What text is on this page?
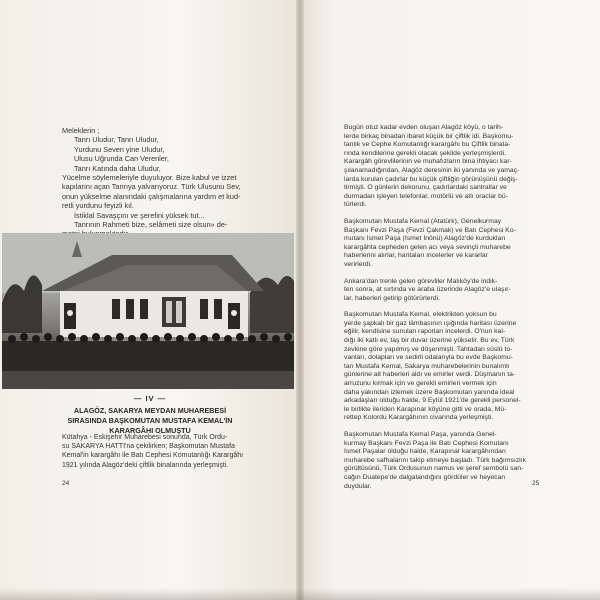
Meleklerin ;
Tanrı Uludur, Tanrı Uludur,
Yurdunu Seven yine Uludur,
Ulusu Uğrunda Can Verenler,
Tanrı Katında daha Uludur,
Yücelme söylemeleriyle duyuluyor. Bize kabul ve izzet
kapılarını açan Tanrıya yalvarıyoruz. Türk Ulusunu Sev,
onun yükselme alanındaki çalışmalarına yardım et kud-
retli yurdunu feyizli kıl.
İstiklal Savaşçını ve şerefini yüksek tut...
Tanrının Rahmeti bize, selâmeti size olsun» de-
— IV —
ALAGÖZ, SAKARYA MEYDAN MUHAREBESİ
SIRASINDA BAŞKOMUTAN MUSTAFA KEMAL'İN
KARARGÂHI OLMUŞTU
Kütahya - Eskişehir Muharebesi sonunda, Türk Ordu-
su SAKARYA HATTI'na çekilirken; Başkomutan Mustafa
Kemal'in karargâhı ile Batı Cephesi Komutanlığı Karargâhı
1921 yılında Alagöz'deki çiftlik binalarında yerleşmişti.
24
Bugün otuz kadar evden oluşan Alagöz köyü, o tarih-
lerde birkaç binadan ibaret küçük bir çiftlik idi. Başkomu-
tanlık ve Cephe Komutanlığı karargâhı bu Çiftlik binala-
rında kendilerine gerekli olacak şekilde yerleşmişlerdi.
Karargâh görevlilerinin ve muhafızların bina ihtiyacı kar-
şılanamadığından, Alagöz deresinin iki yanında ve yamaç-
larda kurulan çadırlar bu küçük çiftliğin görünüşünü değiş-
tirmişti. O günlerin dekorunu, çadırlardaki santrallar ve
durmadan işleyen telefonlar, motörlü ve atlı oraclar bü-
türlerdi.
Başkomutan Mustafa Kemal (Atatürk), Genelkurmay
Başkanı Fevzi Paşa (Fevzi Çakmak) ve Batı Cephesi Ko-
mutanı İsmet Paşa (İsmet İnönü) Alagöz'de kurdukları
karargâhta cepheden gelen acı veya sevinçli muharebe
haberlerini alırlar, haritaları incelerler ve kararlar
verirlerdi.
Ankara'dan trenle gelen görevliler Malıköy'de indik-
ten sonra, at sırtında ve araba üzerinde Alagöz'e ulaşır-
lar, haberleri getirip götürürlerdi.
Başkomutan Mustafa Kemal, elektrikten yoksun bu
yerde şapkalı bir gaz lâmbasının ışığında haritası üzerine
eğilir, kendisine sunulan raporları incelerdi. O'nun kal-
dığı iki katlı ev, taş bir duvar üzerine yükselir. Bu ev, Türk
zevkine göre yapılmış ve döşenmişti. Tahtadan süslü to-
vanları, dolapları ve sedirli odalarıyla bu evde Başkomu-
tan Mustafa Kemal, Sakarya muharebelerinin bunalımlı
günlerine ait haberleri aldı ve emirler verdi. Düşmanın ta-
arruzunu kırmak için ve gerekli emirleri vermek için
daha yakından izlemek üzere Başkomutan yanında ideal
arkadaşları olduğu halde, 9 Eylül 1921'de gerekli personel-
le birlikte ileriden Karapınar köyüne gitti ve orada, Mü-
rettep Kolordu Karargâhının civarında yerleşmişti.
Başkomutan Mustafa Kemal Paşa, yanında Genel-
kurmay Başkanı Fevzi Paşa ile Batı Cephesi Komutanı
İsmet Paşalar olduğu halde, Karapınar karargâhından
muharebe safhalarını takip etmeye başladı. Türk bağımsızlık
gürültüsünü, Türk Ordusunun namus ve şeref sembolü san-
cağın Duatepe'de dalgalandığını gördüler ve heyecan
duydular.	25
